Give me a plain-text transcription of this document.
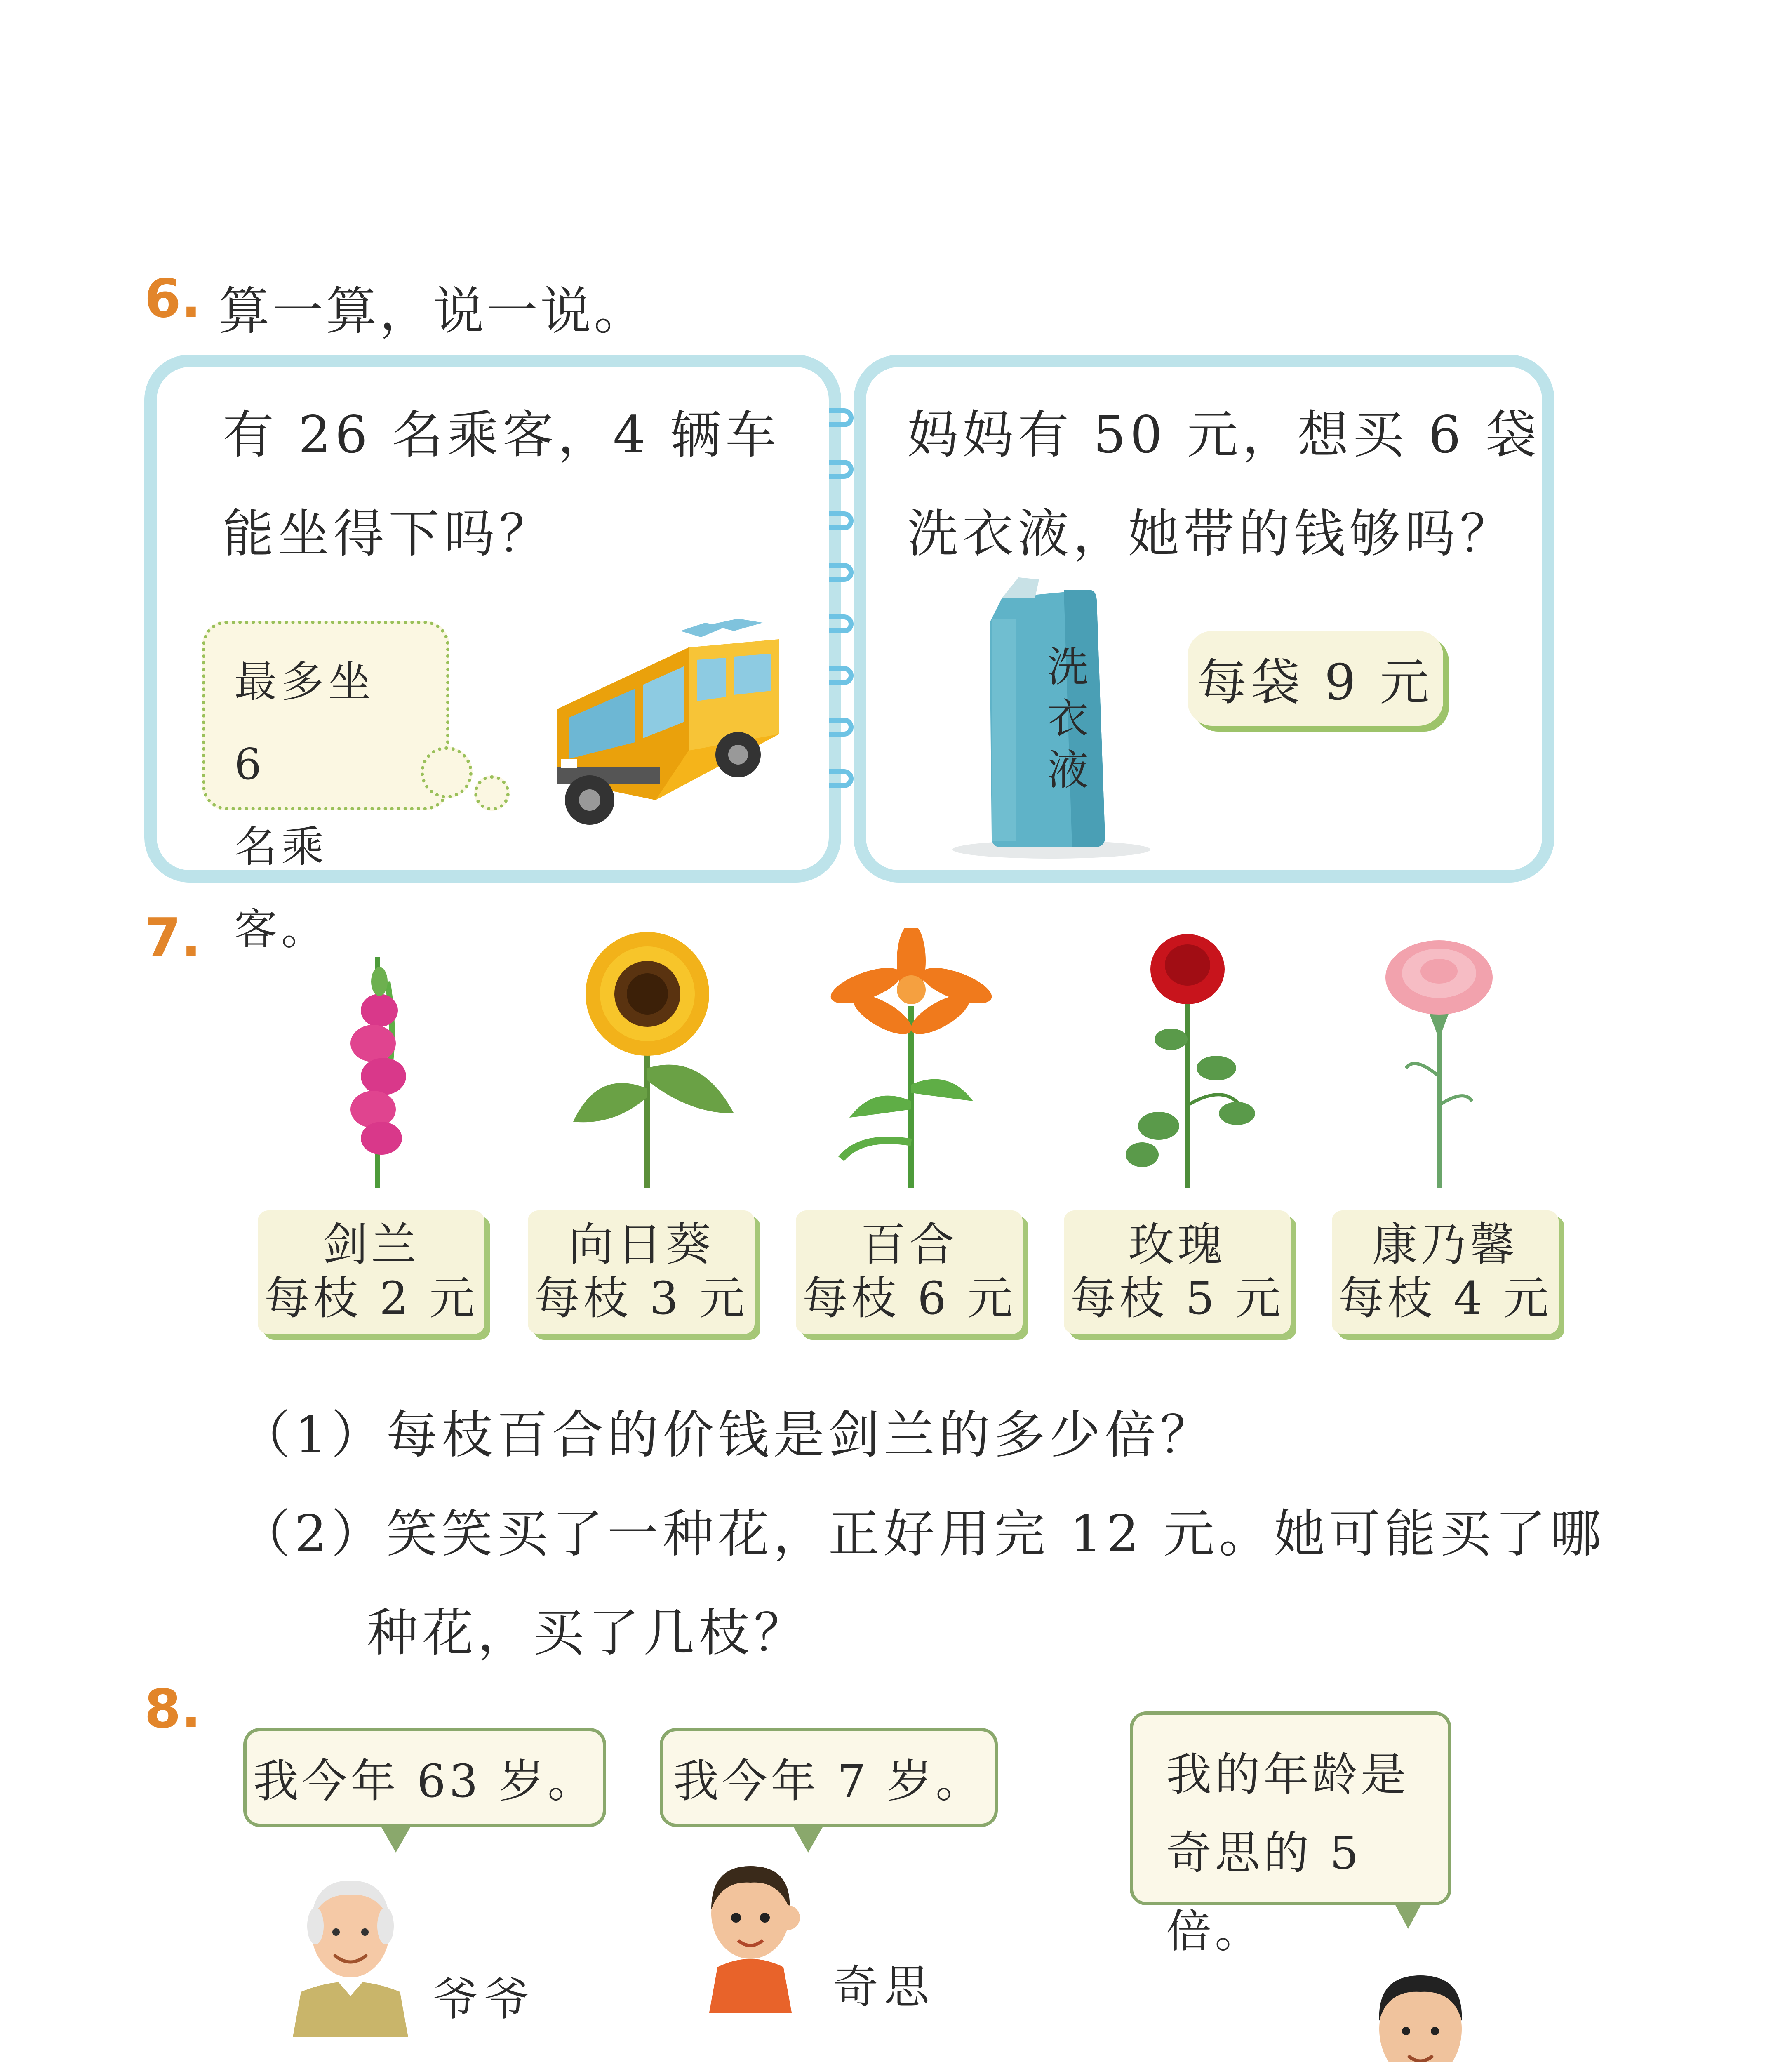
6. 算一算，说一说。
有 26 名乘客，4 辆车
能坐得下吗？
最多坐 6
名乘客。
妈妈有 50 元，想买 6 袋
洗衣液，她带的钱够吗？
洗
衣
液
每袋 9 元
7.
剑兰
每枝 2 元
向日葵
每枝 3 元
百合
每枝 6 元
玫瑰
每枝 5 元
康乃馨
每枝 4 元
（1）每枝百合的价钱是剑兰的多少倍？
（2）笑笑买了一种花，正好用完 12 元。她可能买了哪
种花，买了几枝？
8.
我今年 63 岁。 我今年 7 岁。	我的年龄是
奇思的 5 倍。
爷爷	奇思
